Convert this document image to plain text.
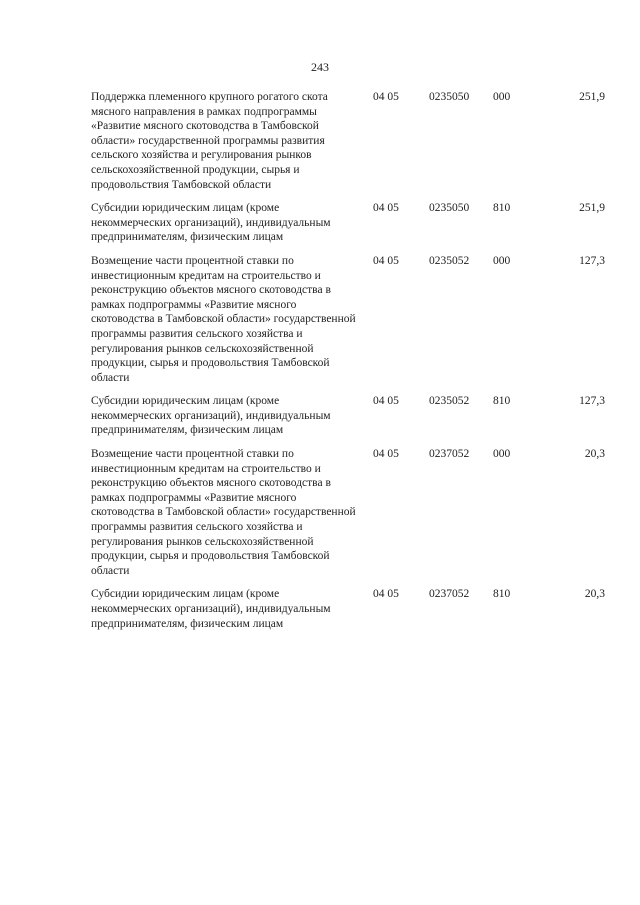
243
Поддержка племенного крупного рогатого скота мясного направления в рамках подпрограммы «Развитие мясного скотоводства в Тамбовской области» государственной программы развития сельского хозяйства и регулирования рынков сельскохозяйственной продукции, сырья и продовольствия Тамбовской области	04 05	0235050	000	251,9
Субсидии юридическим лицам (кроме некоммерческих организаций), индивидуальным предпринимателям, физическим лицам	04 05	0235050	810	251,9
Возмещение части процентной ставки по инвестиционным кредитам на строительство и реконструкцию объектов мясного скотоводства в рамках подпрограммы «Развитие мясного скотоводства в Тамбовской области» государственной программы развития сельского хозяйства и регулирования рынков сельскохозяйственной продукции, сырья и продовольствия Тамбовской области	04 05	0235052	000	127,3
Субсидии юридическим лицам (кроме некоммерческих организаций), индивидуальным предпринимателям, физическим лицам	04 05	0235052	810	127,3
Возмещение части процентной ставки по инвестиционным кредитам на строительство и реконструкцию объектов мясного скотоводства в рамках подпрограммы «Развитие мясного скотоводства в Тамбовской области» государственной программы развития сельского хозяйства и регулирования рынков сельскохозяйственной продукции, сырья и продовольствия Тамбовской области	04 05	0237052	000	20,3
Субсидии юридическим лицам (кроме некоммерческих организаций), индивидуальным предпринимателям, физическим лицам	04 05	0237052	810	20,3
